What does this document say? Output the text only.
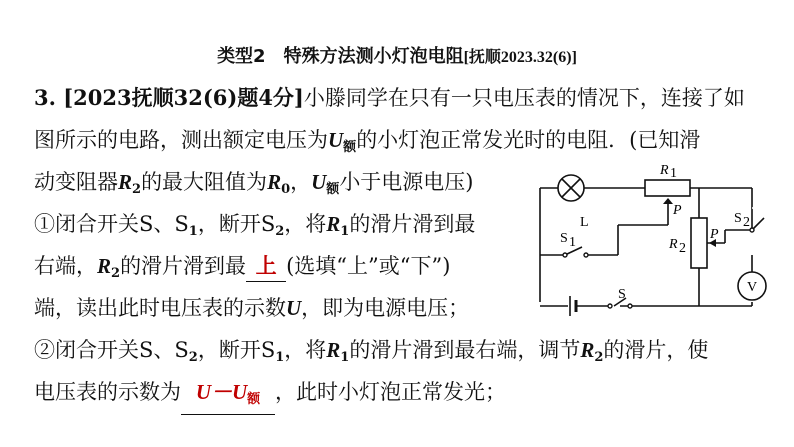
类型2　特殊方法测小灯泡电阻[抚顺2023.32(6)]
3. [2023抚顺32(6)题4分]小滕同学在只有一只电压表的情况下，连接了如
图所示的电路，测出额定电压为$U_额$的小灯泡正常发光时的电阻．(已知滑
动变阻器$R_2$的最大阻值为$R_0$，$U_额$小于电源电压)
①闭合开关S、$S_1$，断开$S_2$，将$R_1$的滑片滑到最
右端，$R_2$的滑片滑到最 上 (选填“上”或“下”)
端，读出此时电压表的示数U，即为电源电压；
②闭合开关S、$S_2$，断开$S_1$，将$R_1$的滑片滑到最右端，调节$R_2$的滑片，使
电压表的示数为 $U-U_额$ ，此时小灯泡正常发光；
V
L
S 1
S
R 1
P
R 2
P
S 2
